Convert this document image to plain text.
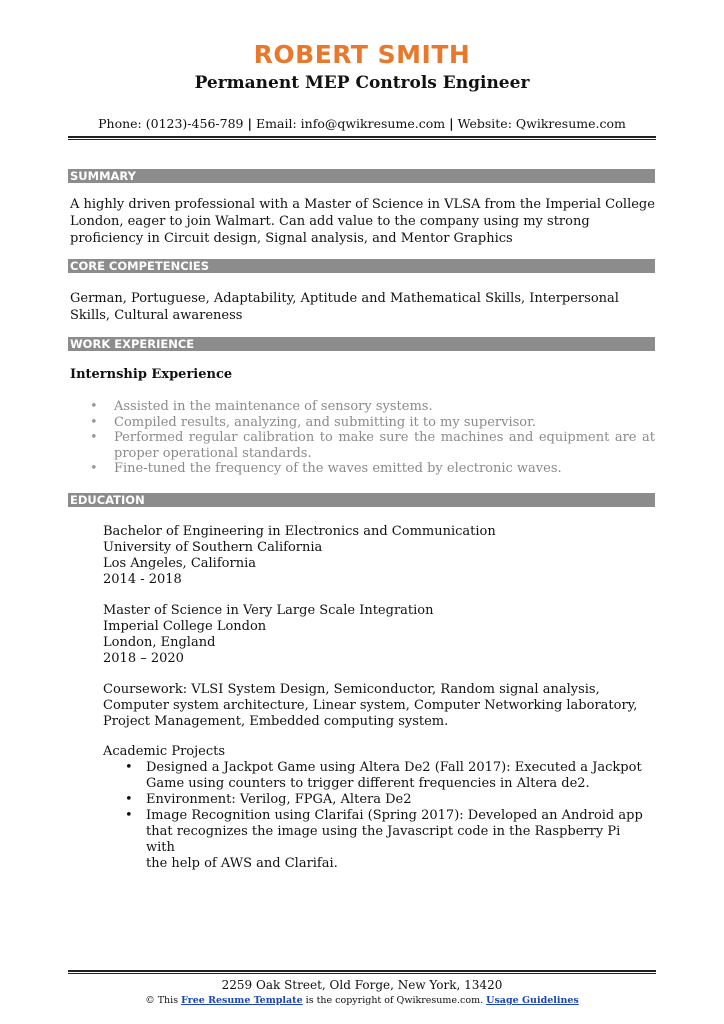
ROBERT SMITH
Permanent MEP Controls Engineer
Phone: (0123)-456-789 | Email: info@qwikresume.com | Website: Qwikresume.com
SUMMARY
A highly driven professional with a Master of Science in VLSA from the Imperial College
London, eager to join Walmart. Can add value to the company using my strong
proficiency in Circuit design, Signal analysis, and Mentor Graphics
CORE COMPETENCIES
German, Portuguese, Adaptability, Aptitude and Mathematical Skills, Interpersonal
Skills, Cultural awareness
WORK EXPERIENCE
Internship Experience
• Assisted in the maintenance of sensory systems.
• Compiled results, analyzing, and submitting it to my supervisor.
• Performed regular calibration to make sure the machines and equipment are at proper operational standards.
• Fine-tuned the frequency of the waves emitted by electronic waves.
EDUCATION
Bachelor of Engineering in Electronics and Communication
University of Southern California
Los Angeles, California
2014 - 2018
Master of Science in Very Large Scale Integration
Imperial College London
London, England
2018 – 2020
Coursework: VLSI System Design, Semiconductor, Random signal analysis,
Computer system architecture, Linear system, Computer Networking laboratory,
Project Management, Embedded computing system.
Academic Projects
• Designed a Jackpot Game using Altera De2 (Fall 2017): Executed a Jackpot
Game using counters to trigger different frequencies in Altera de2.
• Environment: Verilog, FPGA, Altera De2
• Image Recognition using Clarifai (Spring 2017): Developed an Android app
that recognizes the image using the Javascript code in the Raspberry Pi with
the help of AWS and Clarifai.
2259 Oak Street, Old Forge, New York, 13420
© This Free Resume Template is the copyright of Qwikresume.com. Usage Guidelines
